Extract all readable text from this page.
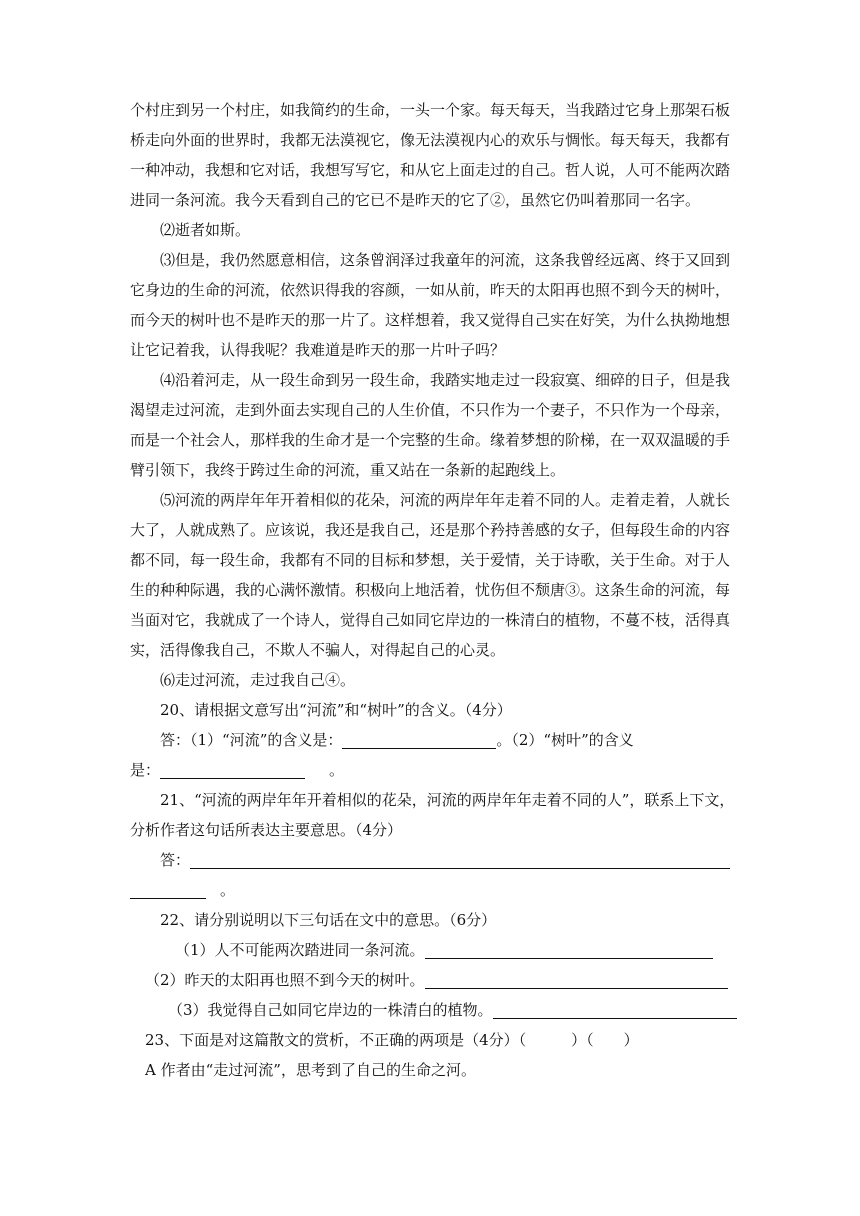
个村庄到另一个村庄，如我简约的生命，一头一个家。每天每天，当我踏过它身上那架石板桥走向外面的世界时，我都无法漠视它，像无法漠视内心的欢乐与惆怅。每天每天，我都有一种冲动，我想和它对话，我想写写它，和从它上面走过的自己。哲人说，人可不能两次踏进同一条河流。我今天看到自己的它已不是昨天的它了②，虽然它仍叫着那同一名字。

⑵逝者如斯。

⑶但是，我仍然愿意相信，这条曾润泽过我童年的河流，这条我曾经远离、终于又回到它身边的生命的河流，依然识得我的容颜，一如从前，昨天的太阳再也照不到今天的树叶，而今天的树叶也不是昨天的那一片了。这样想着，我又觉得自己实在好笑，为什么执拗地想让它记着我，认得我呢？我难道是昨天的那一片叶子吗？

⑷沿着河走，从一段生命到另一段生命，我踏实地走过一段寂寞、细碎的日子，但是我渴望走过河流，走到外面去实现自己的人生价值，不只作为一个妻子，不只作为一个母亲，而是一个社会人，那样我的生命才是一个完整的生命。缘着梦想的阶梯，在一双双温暖的手臂引领下，我终于跨过生命的河流，重又站在一条新的起跑线上。

⑸河流的两岸年年开着相似的花朵，河流的两岸年年走着不同的人。走着走着，人就长大了，人就成熟了。应该说，我还是我自己，还是那个矜持善感的女子，但每段生命的内容都不同，每一段生命，我都有不同的目标和梦想，关于爱情，关于诗歌，关于生命。对于人生的种种际遇，我的心满怀激情。积极向上地活着，忧伤但不颓唐③。这条生命的河流，每当面对它，我就成了一个诗人，觉得自己如同它岸边的一株清白的植物，不蔓不枝，活得真实，活得像我自己，不欺人不骗人，对得起自己的心灵。

⑹走过河流，走过我自己④。

20、请根据文意写出“河流”和“树叶”的含义。（4分）
答：（1）“河流”的含义是：	。（2）“树叶”的含义
是：	。
21、“河流的两岸年年开着相似的花朵，河流的两岸年年走着不同的人”，联系上下文，
分析作者这句话所表达主要意思。（4分）
答：
。
22、请分别说明以下三句话在文中的意思。（6分）
（1）人不可能两次踏进同一条河流。
（2）昨天的太阳再也照不到今天的树叶。
（3）我觉得自己如同它岸边的一株清白的植物。
23、下面是对这篇散文的赏析，不正确的两项是（4分）（　　　）（　　）
A 作者由“走过河流”，思考到了自己的生命之河。
